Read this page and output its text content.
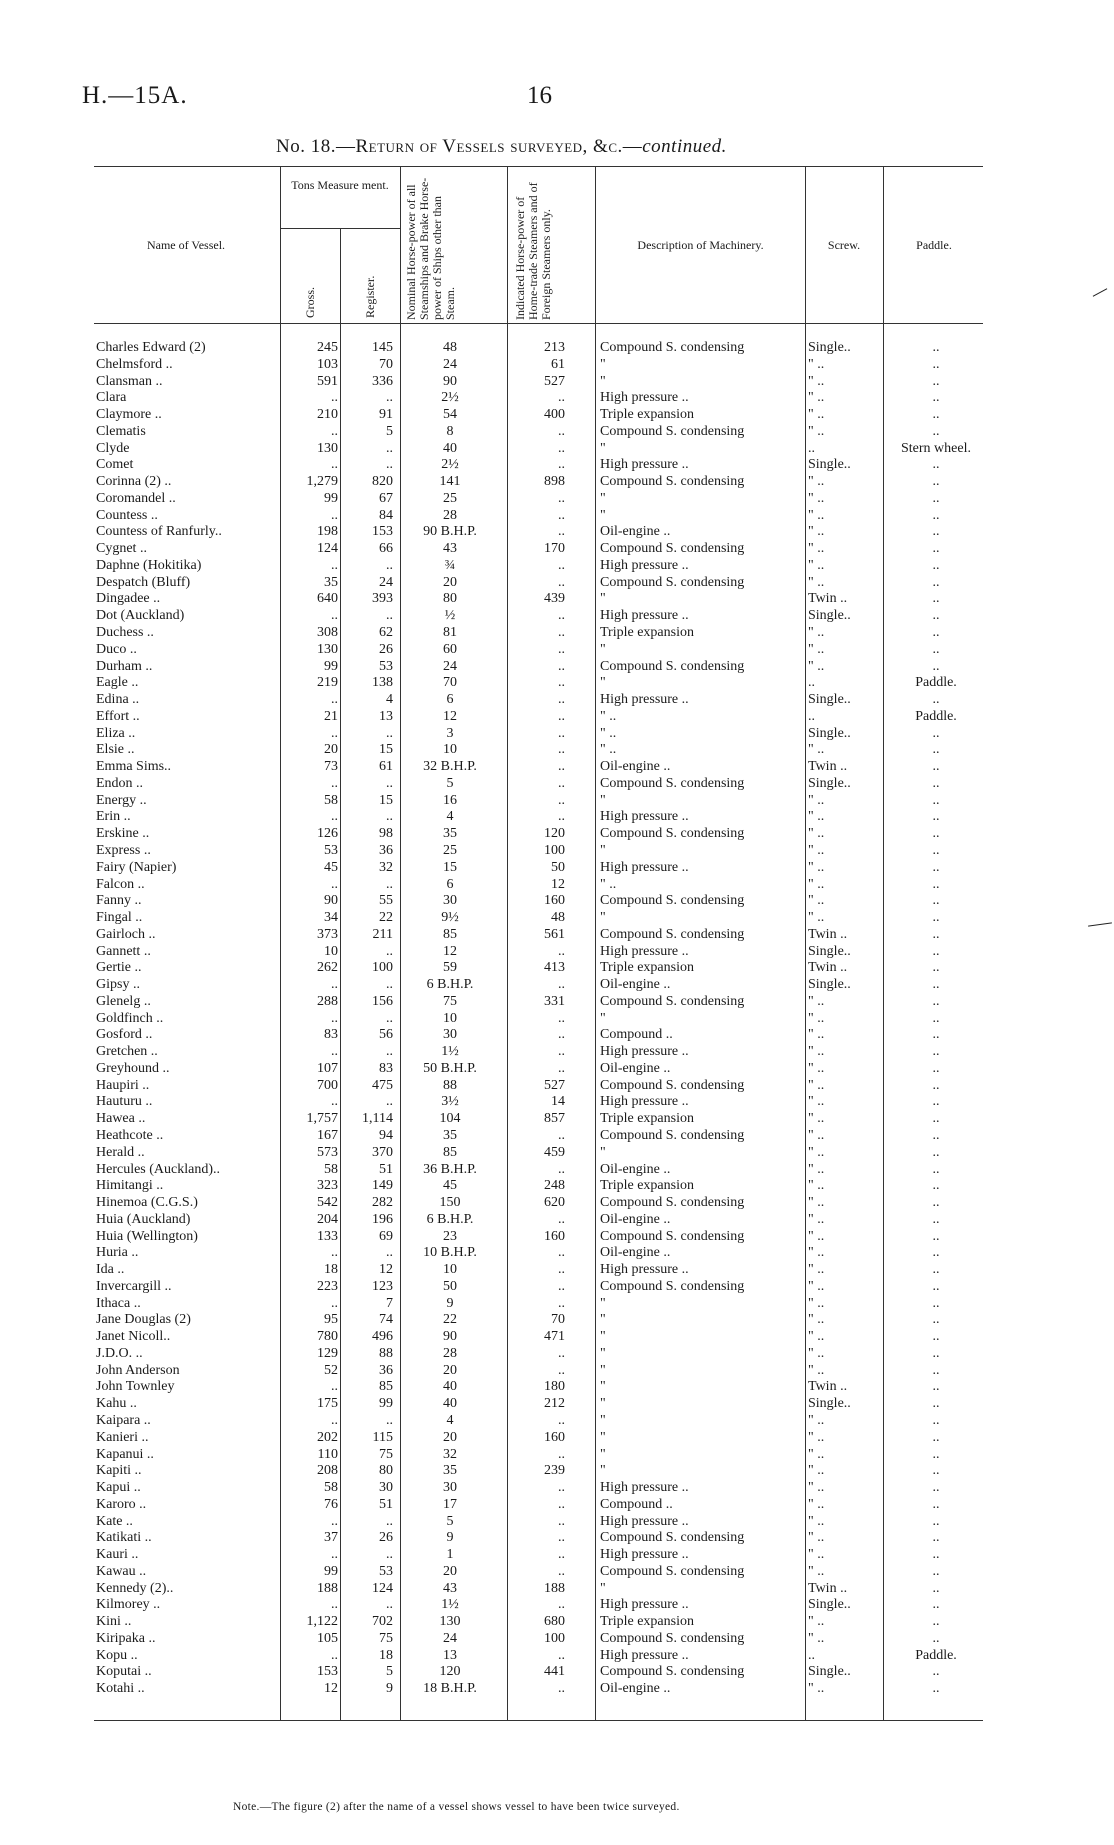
H.—15A.	16
No. 18.—Return of Vessels surveyed, &c.—continued.
Name of Vessel.
Tons Measure ment.
Gross.	Register. Nominal Horse-power of all Steamships and Brake Horse-power of Ships other than Steam.	Indicated Horse-power of Home-trade Steamers and of Foreign Steamers only.	Description of Machinery.	Screw.	Paddle.
Charles Edward (2)	245	145	48	213	Compound S. condensing	Single..	..
Chelmsford ..	103	70	24	61	"	" ..	..
Clansman ..	591	336	90	527	"	" ..	..
Clara	..	..	2½	..	High pressure ..	" ..	..
Claymore ..	210	91	54	400	Triple expansion	" ..	..
Clematis	..	5	8	..	Compound S. condensing	" ..	..
Clyde	130	..	40	..	"	..	Stern wheel.
Comet	..	..	2½	..	High pressure ..	Single..	..
Corinna (2) ..	1,279	820	141	898	Compound S. condensing	" ..	..
Coromandel ..	99	67	25	..	"	" ..	..
Countess ..	..	84	28	..	"	" ..	..
Countess of Ranfurly..	198	153	90 B.H.P.	..	Oil-engine ..	" ..	..
Cygnet ..	124	66	43	170	Compound S. condensing	" ..	..
Daphne (Hokitika)	..	..	¾	..	High pressure ..	" ..	..
Despatch (Bluff)	35	24	20	..	Compound S. condensing	" ..	..
Dingadee ..	640	393	80	439	"	Twin ..	..
Dot (Auckland)	..	..	½	..	High pressure ..	Single..	..
Duchess ..	308	62	81	..	Triple expansion	" ..	..
Duco ..	130	26	60	..	"	" ..	..
Durham ..	99	53	24	..	Compound S. condensing	" ..	..
Eagle ..	219	138	70	..	"	..	Paddle.
Edina ..	..	4	6	..	High pressure ..	Single..	..
Effort ..	21	13	12	..	" ..	..	Paddle.
Eliza ..	..	..	3	..	" ..	Single..	..
Elsie ..	20	15	10	..	" ..	" ..	..
Emma Sims..	73	61	32 B.H.P.	..	Oil-engine ..	Twin ..	..
Endon ..	..	..	5	..	Compound S. condensing	Single..	..
Energy ..	58	15	16	..	"	" ..	..
Erin ..	..	..	4	..	High pressure ..	" ..	..
Erskine ..	126	98	35	120	Compound S. condensing	" ..	..
Express ..	53	36	25	100	"	" ..	..
Fairy (Napier)	45	32	15	50	High pressure ..	" ..	..
Falcon ..	..	..	6	12	" ..	" ..	..
Fanny ..	90	55	30	160	Compound S. condensing	" ..	..
Fingal ..	34	22	9½	48	"	" ..	..
Gairloch ..	373	211	85	561	Compound S. condensing	Twin ..	..
Gannett ..	10	..	12	..	High pressure ..	Single..	..
Gertie ..	262	100	59	413	Triple expansion	Twin ..	..
Gipsy ..	..	..	6 B.H.P.	..	Oil-engine ..	Single..	..
Glenelg ..	288	156	75	331	Compound S. condensing	" ..	..
Goldfinch ..	..	..	10	..	"	" ..	..
Gosford ..	83	56	30	..	Compound ..	" ..	..
Gretchen ..	..	..	1½	..	High pressure ..	" ..	..
Greyhound ..	107	83	50 B.H.P.	..	Oil-engine ..	" ..	..
Haupiri ..	700	475	88	527	Compound S. condensing	" ..	..
Hauturu ..	..	..	3½	14	High pressure ..	" ..	..
Hawea ..	1,757	1,114	104	857	Triple expansion	" ..	..
Heathcote ..	167	94	35	..	Compound S. condensing	" ..	..
Herald ..	573	370	85	459	"	" ..	..
Hercules (Auckland)..	58	51	36 B.H.P.	..	Oil-engine ..	" ..	..
Himitangi ..	323	149	45	248	Triple expansion	" ..	..
Hinemoa (C.G.S.)	542	282	150	620	Compound S. condensing	" ..	..
Huia (Auckland)	204	196	6 B.H.P.	..	Oil-engine ..	" ..	..
Huia (Wellington)	133	69	23	160	Compound S. condensing	" ..	..
Huria ..	..	..	10 B.H.P.	..	Oil-engine ..	" ..	..
Ida ..	18	12	10	..	High pressure ..	" ..	..
Invercargill ..	223	123	50	..	Compound S. condensing	" ..	..
Ithaca ..	..	7	9	..	"	" ..	..
Jane Douglas (2)	95	74	22	70	"	" ..	..
Janet Nicoll..	780	496	90	471	"	" ..	..
J.D.O. ..	129	88	28	..	"	" ..	..
John Anderson	52	36	20	..	"	" ..	..
John Townley	..	85	40	180	"	Twin ..	..
Kahu ..	175	99	40	212	"	Single..	..
Kaipara ..	..	..	4	..	"	" ..	..
Kanieri ..	202	115	20	160	"	" ..	..
Kapanui ..	110	75	32	..	"	" ..	..
Kapiti ..	208	80	35	239	"	" ..	..
Kapui ..	58	30	30	..	High pressure ..	" ..	..
Karoro ..	76	51	17	..	Compound ..	" ..	..
Kate ..	..	..	5	..	High pressure ..	" ..	..
Katikati ..	37	26	9	..	Compound S. condensing	" ..	..
Kauri ..	..	..	1	..	High pressure ..	" ..	..
Kawau ..	99	53	20	..	Compound S. condensing	" ..	..
Kennedy (2)..	188	124	43	188	"	Twin ..	..
Kilmorey ..	..	..	1½	..	High pressure ..	Single..	..
Kini ..	1,122	702	130	680	Triple expansion	" ..	..
Kiripaka ..	105	75	24	100	Compound S. condensing	" ..	..
Kopu ..	..	18	13	..	High pressure ..	..	Paddle.
Koputai ..	153	5	120	441	Compound S. condensing	Single..	..
Kotahi ..	12	9	18 B.H.P.	..	Oil-engine ..	" ..	..
Note.—The figure (2) after the name of a vessel shows vessel to have been twice surveyed.
